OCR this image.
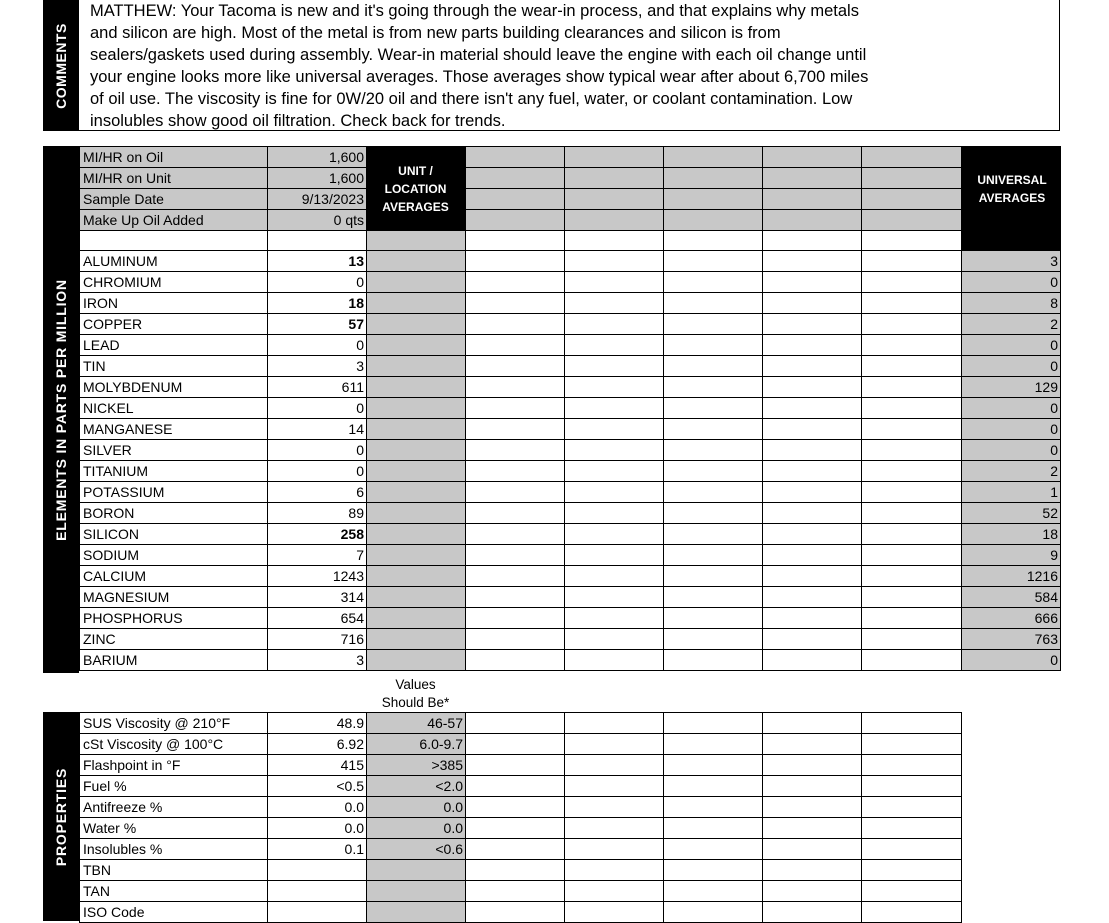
COMMENTS
MATTHEW: Your Tacoma is new and it's going through the wear-in process, and that explains why metals
and silicon are high. Most of the metal is from new parts building clearances and silicon is from
sealers/gaskets used during assembly. Wear-in material should leave the engine with each oil change until
your engine looks more like universal averages. Those averages show typical wear after about 6,700 miles
of oil use. The viscosity is fine for 0W/20 oil and there isn't any fuel, water, or coolant contamination. Low
insolubles show good oil filtration. Check back for trends.
ELEMENTS IN PARTS PER MILLION
PROPERTIES
MI/HR on Oil	1,600							
MI/HR on Unit	1,600							
Sample Date	9/13/2023							
Make Up Oil Added	0 qts							
UNIT /
LOCATION
AVERAGES
UNIVERSAL
AVERAGES

ALUMINUM	13							3
CHROMIUM	0							0
IRON	18							8
COPPER	57							2
LEAD	0							0
TIN	3							0
MOLYBDENUM	611							129
NICKEL	0							0
MANGANESE	14							0
SILVER	0							0
TITANIUM	0							2
POTASSIUM	6							1
BORON	89							52
SILICON	258							18
SODIUM	7							9
CALCIUM	1243							1216
MAGNESIUM	314							584
PHOSPHORUS	654							666
ZINC	716							763
BARIUM	3							0
Values
Should Be*
SUS Viscosity @ 210°F	48.9	46-57					
cSt Viscosity @ 100°C	6.92	6.0-9.7					
Flashpoint in °F	415	>385					
Fuel %	<0.5	<2.0					
Antifreeze %	0.0	0.0					
Water %	0.0	0.0					
Insolubles %	0.1	<0.6					
TBN							
TAN							
ISO Code							
